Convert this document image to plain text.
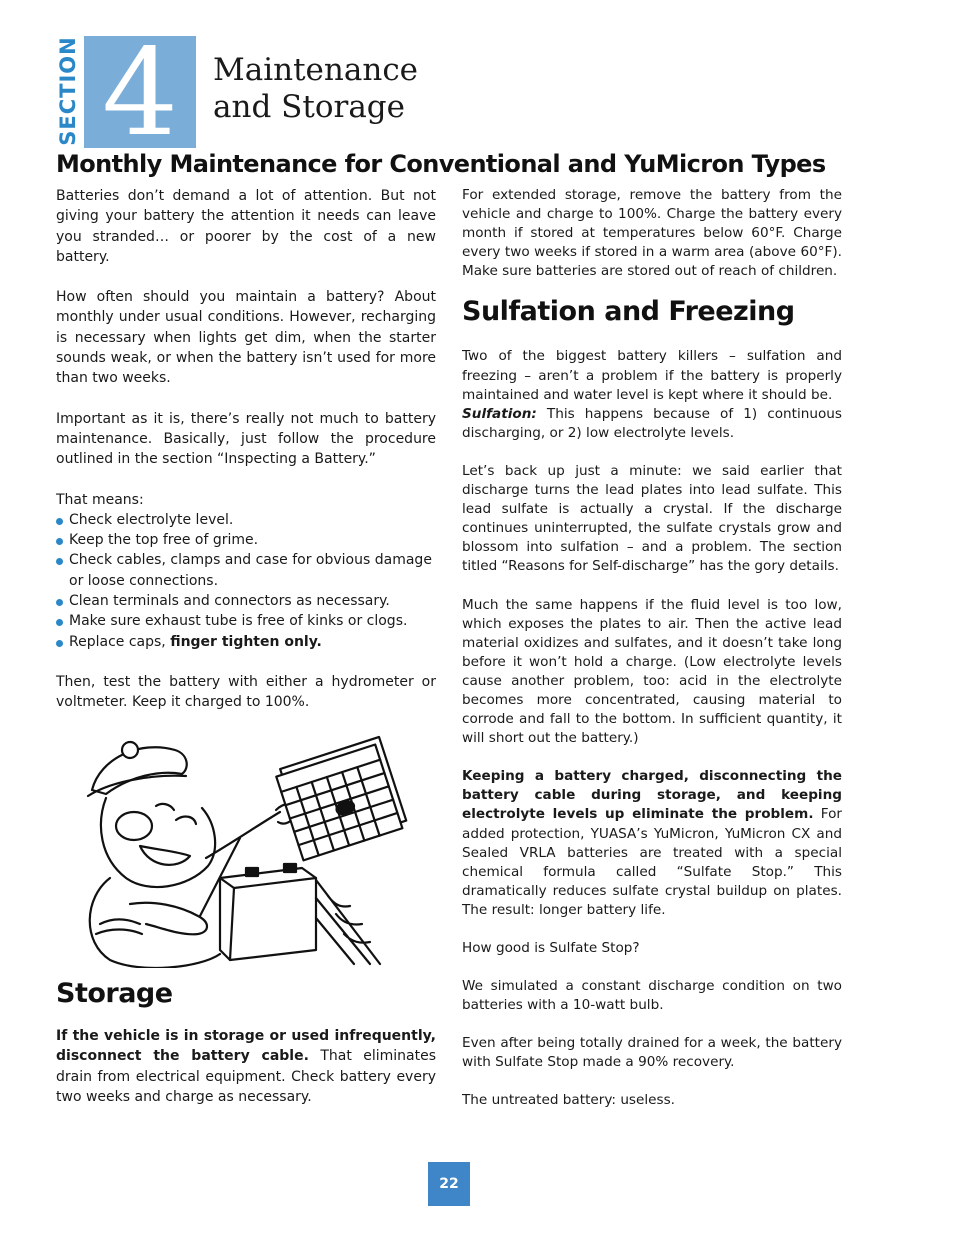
SECTION 4	Maintenance
and Storage
Monthly Maintenance for Conventional and YuMicron Types

Batteries don’t demand a lot of attention. But not giving your battery the attention it needs can leave you stranded… or poorer by the cost of a new battery.

How often should you maintain a battery? About monthly under usual conditions. However, recharging is necessary when lights get dim, when the starter sounds weak, or when the battery isn’t used for more than two weeks.

Important as it is, there’s really not much to battery maintenance. Basically, just follow the procedure outlined in the section “Inspecting a Battery.”

That means:

Check electrolyte level.
Keep the top free of grime.
Check cables, clamps and case for obvious damage or loose connections.
Clean terminals and connectors as necessary.
Make sure exhaust tube is free of kinks or clogs.
Replace caps, finger tighten only.

Then, test the battery with either a hydrometer or voltmeter. Keep it charged to 100%.

Storage

If the vehicle is in storage or used infrequently, disconnect the battery cable. That eliminates drain from electrical equipment. Check battery every two weeks and charge as necessary.

For extended storage, remove the battery from the vehicle and charge to 100%. Charge the battery every month if stored at temperatures below 60°F. Charge every two weeks if stored in a warm area (above 60°F). Make sure batteries are stored out of reach of children.

Sulfation and Freezing

Two of the biggest battery killers – sulfation and freezing – aren’t a problem if the battery is properly maintained and water level is kept where it should be.

Sulfation: This happens because of 1) continuous discharging, or 2) low electrolyte levels.

Let’s back up just a minute: we said earlier that discharge turns the lead plates into lead sulfate. This lead sulfate is actually a crystal. If the discharge continues uninterrupted, the sulfate crystals grow and blossom into sulfation – and a problem. The section titled “Reasons for Self-discharge” has the gory details.

Much the same happens if the fluid level is too low, which exposes the plates to air. Then the active lead material oxidizes and sulfates, and it doesn’t take long before it won’t hold a charge. (Low electrolyte levels cause another problem, too: acid in the electrolyte becomes more concentrated, causing material to corrode and fall to the bottom. In sufficient quantity, it will short out the battery.)

Keeping a battery charged, disconnecting the battery cable during storage, and keeping electrolyte levels up eliminate the problem. For added protection, YUASA’s YuMicron, YuMicron CX and Sealed VRLA batteries are treated with a special chemical formula called “Sulfate Stop.” This dramatically reduces sulfate crystal buildup on plates. The result: longer battery life.

How good is Sulfate Stop?

We simulated a constant discharge condition on two batteries with a 10-watt bulb.

Even after being totally drained for a week, the battery with Sulfate Stop made a 90% recovery.

The untreated battery: useless.

22
